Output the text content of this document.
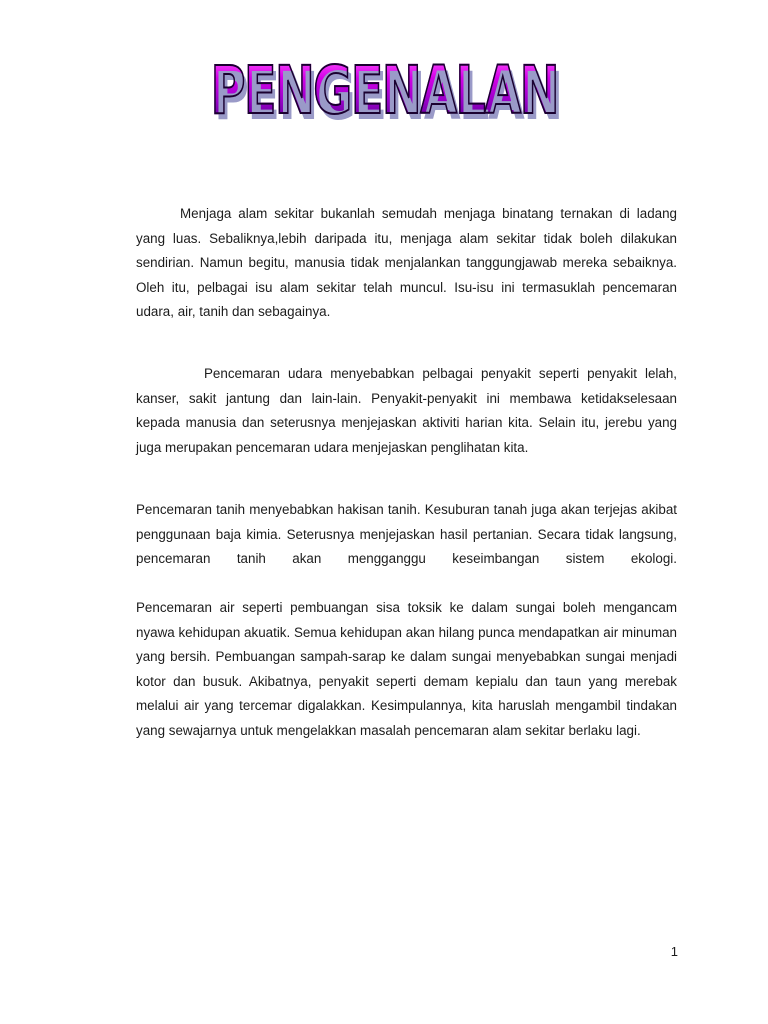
PENGENALAN

Menjaga alam sekitar bukanlah semudah menjaga binatang ternakan di ladang yang luas. Sebaliknya,lebih daripada itu, menjaga alam sekitar tidak boleh dilakukan sendirian. Namun begitu, manusia tidak menjalankan tanggungjawab mereka sebaiknya. Oleh itu, pelbagai isu alam sekitar telah muncul. Isu-isu ini termasuklah pencemaran udara, air, tanih dan sebagainya.

Pencemaran udara menyebabkan pelbagai penyakit seperti penyakit lelah, kanser, sakit jantung dan lain-lain. Penyakit-penyakit ini membawa ketidakselesaan kepada manusia dan seterusnya menjejaskan aktiviti harian kita. Selain itu, jerebu yang juga merupakan pencemaran udara menjejaskan penglihatan kita.

Pencemaran tanih menyebabkan hakisan tanih. Kesuburan tanah juga akan terjejas akibat penggunaan baja kimia. Seterusnya menjejaskan hasil pertanian. Secara tidak langsung, pencemaran tanih akan mengganggu keseimbangan sistem ekologi.

Pencemaran air seperti pembuangan sisa toksik ke dalam sungai boleh mengancam nyawa kehidupan akuatik. Semua kehidupan akan hilang punca mendapatkan air minuman yang bersih. Pembuangan sampah-sarap ke dalam sungai menyebabkan sungai menjadi kotor dan busuk. Akibatnya, penyakit seperti demam kepialu dan taun yang merebak melalui air yang tercemar digalakkan. Kesimpulannya, kita haruslah mengambil tindakan yang sewajarnya untuk mengelakkan masalah pencemaran alam sekitar berlaku lagi.

1
